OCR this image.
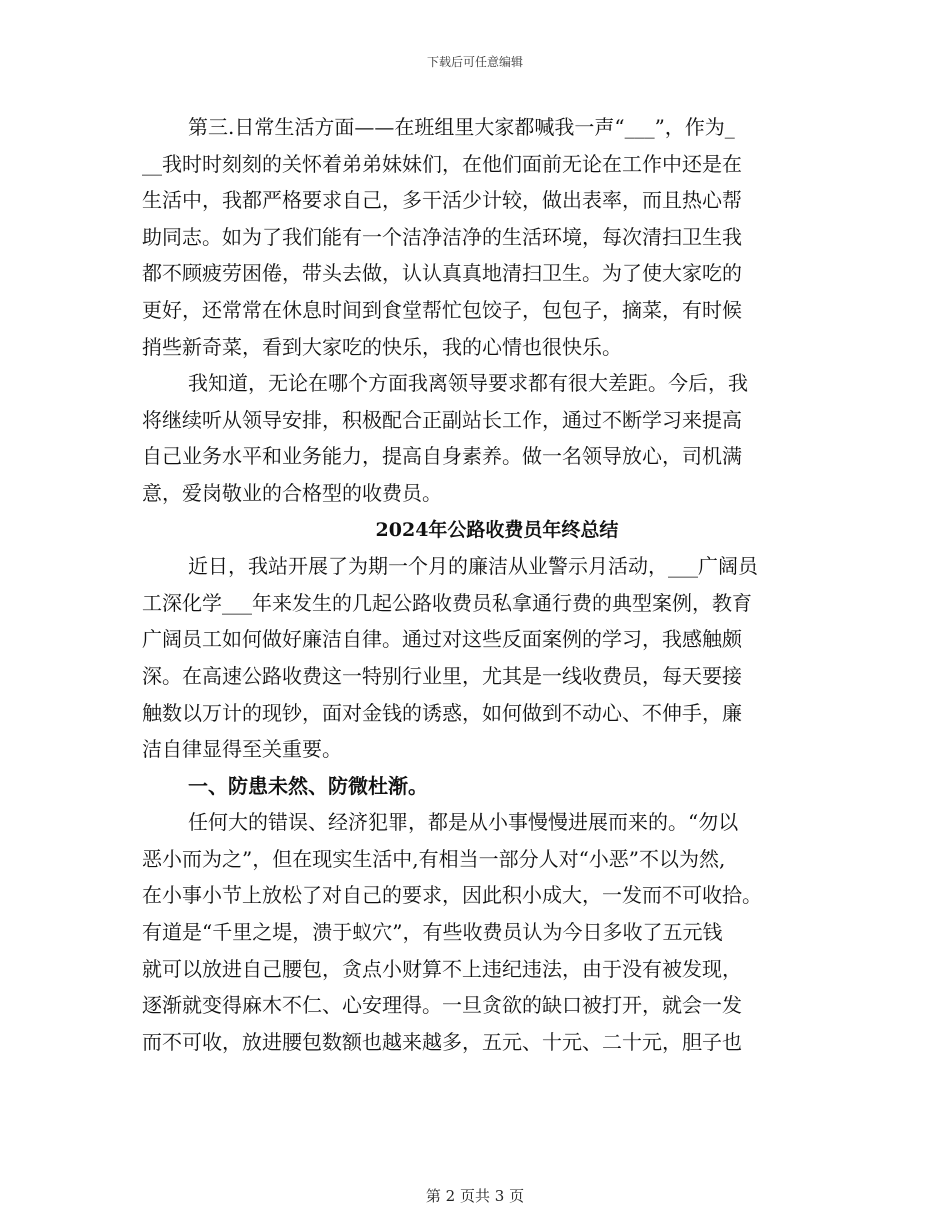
下载后可任意编辑
第三.日常生活方面——在班组里大家都喊我一声“___”，作为_
__我时时刻刻的关怀着弟弟妹妹们，在他们面前无论在工作中还是在
生活中，我都严格要求自己，多干活少计较，做出表率，而且热心帮
助同志。如为了我们能有一个洁净洁净的生活环境，每次清扫卫生我
都不顾疲劳困倦，带头去做，认认真真地清扫卫生。为了使大家吃的
更好，还常常在休息时间到食堂帮忙包饺子，包包子，摘菜，有时候
捎些新奇菜，看到大家吃的快乐，我的心情也很快乐。
我知道，无论在哪个方面我离领导要求都有很大差距。今后，我
将继续听从领导安排，积极配合正副站长工作，通过不断学习来提高
自己业务水平和业务能力，提高自身素养。做一名领导放心，司机满
意，爱岗敬业的合格型的收费员。
2024年公路收费员年终总结
近日，我站开展了为期一个月的廉洁从业警示月活动，___广阔员
工深化学___年来发生的几起公路收费员私拿通行费的典型案例，教育
广阔员工如何做好廉洁自律。通过对这些反面案例的学习，我感触颇
深。在高速公路收费这一特别行业里，尤其是一线收费员，每天要接
触数以万计的现钞，面对金钱的诱惑，如何做到不动心、不伸手，廉
洁自律显得至关重要。
一、防患未然、防微杜渐。
任何大的错误、经济犯罪，都是从小事慢慢进展而来的。“勿以
恶小而为之”，但在现实生活中,有相当一部分人对“小恶”不以为然,
在小事小节上放松了对自己的要求，因此积小成大，一发而不可收拾。
有道是“千里之堤，溃于蚁穴”，有些收费员认为今日多收了五元钱
就可以放进自己腰包，贪点小财算不上违纪违法，由于没有被发现，
逐渐就变得麻木不仁、心安理得。一旦贪欲的缺口被打开，就会一发
而不可收，放进腰包数额也越来越多，五元、十元、二十元，胆子也
第 2 页共 3 页
